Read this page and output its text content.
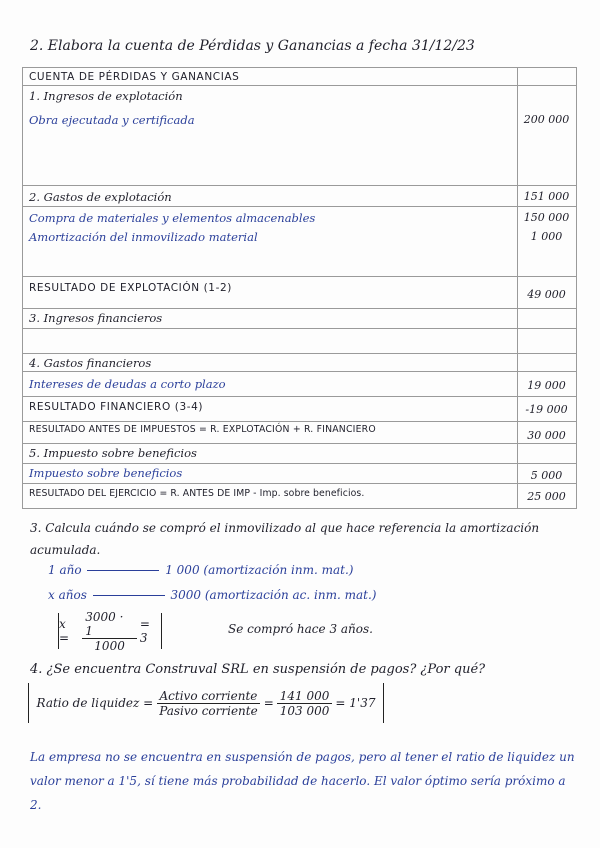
2. Elabora la cuenta de Pérdidas y Ganancias a fecha 31/12/23
CUENTA DE PÉRDIDAS Y GANANCIAS
1. Ingresos de explotación
Obra ejecutada y certificada	200 000
2. Gastos de explotación	151 000
Compra de materiales y elementos almacenables	150 000
Amortización del inmovilizado material	1 000
RESULTADO DE EXPLOTACIÓN (1-2)	49 000
3. Ingresos financieros
4. Gastos financieros
Intereses de deudas a corto plazo	19 000
RESULTADO FINANCIERO (3-4)	-19 000
RESULTADO ANTES DE IMPUESTOS = R. EXPLOTACIÓN + R. FINANCIERO	30 000
5. Impuesto sobre beneficios
Impuesto sobre beneficios	5 000
RESULTADO DEL EJERCICIO = R. ANTES DE IMP - Imp. sobre beneficios.	25 000
3. Calcula cuándo se compró el inmovilizado al que hace referencia la amortización acumulada.
1 año	1 000 (amortización inm. mat.)
x años	3000 (amortización ac. inm. mat.)
x =	$\frac{3000 \cdot 1}{1000} = 3$
Se compró hace 3 años.
4. ¿Se encuentra Construval SRL en suspensión de pagos? ¿Por qué?
Ratio de liquidez = $\frac{\text{Activo corriente}}{\text{Pasivo corriente}} = \frac{141 000}{103 000} = 1'37$
La empresa no se encuentra en suspensión de pagos, pero al tener el ratio de liquidez un valor menor a 1'5, sí tiene más probabilidad de hacerlo. El valor óptimo sería próximo a 2.
